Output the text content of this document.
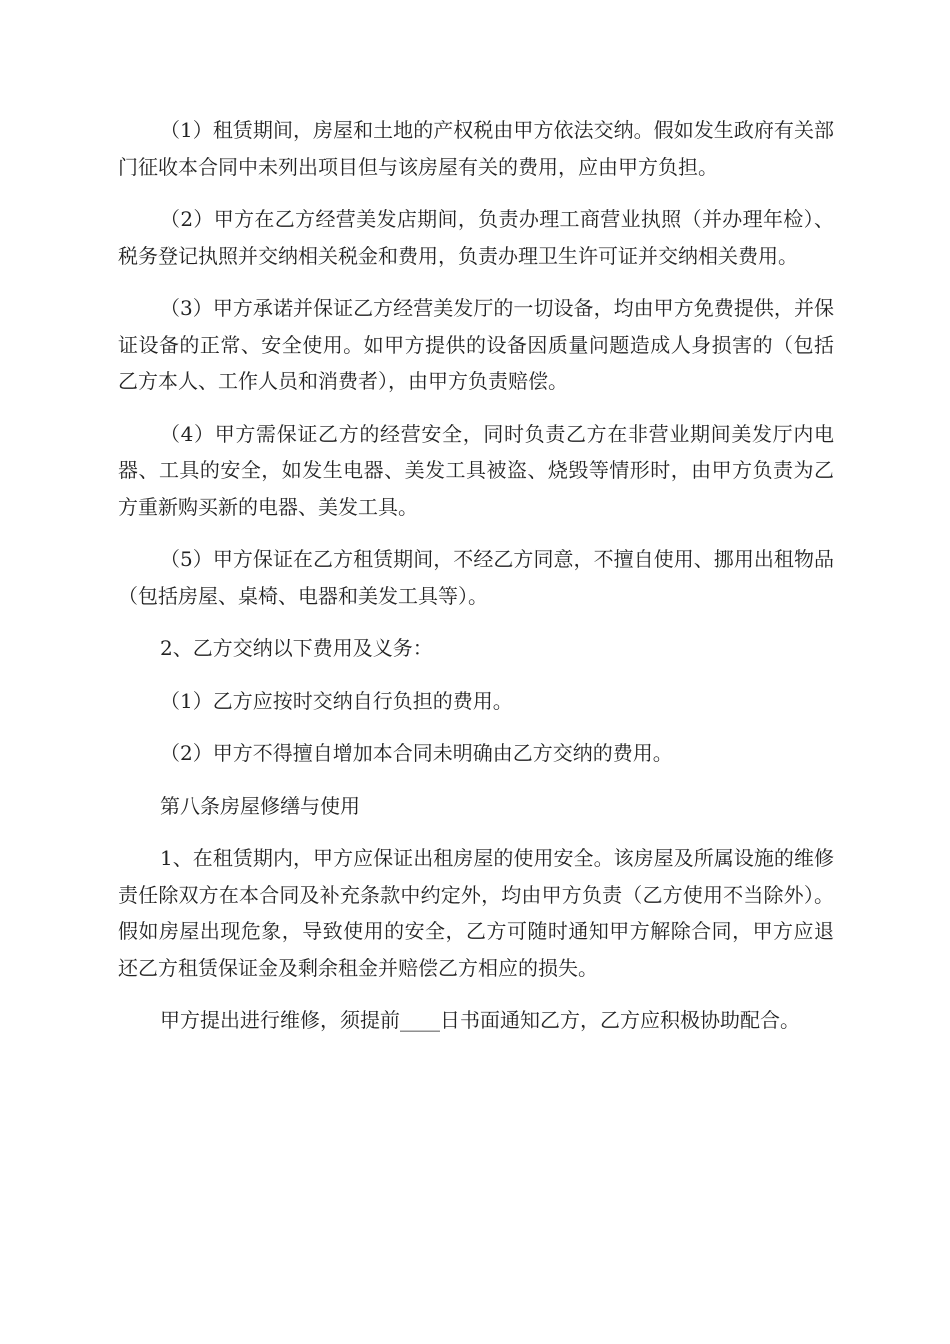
（1）租赁期间，房屋和土地的产权税由甲方依法交纳。假如发生政府有关部门征收本合同中未列出项目但与该房屋有关的费用，应由甲方负担。

（2）甲方在乙方经营美发店期间，负责办理工商营业执照（并办理年检）、税务登记执照并交纳相关税金和费用，负责办理卫生许可证并交纳相关费用。

（3）甲方承诺并保证乙方经营美发厅的一切设备，均由甲方免费提供，并保证设备的正常、安全使用。如甲方提供的设备因质量问题造成人身损害的（包括乙方本人、工作人员和消费者），由甲方负责赔偿。

（4）甲方需保证乙方的经营安全，同时负责乙方在非营业期间美发厅内电器、工具的安全，如发生电器、美发工具被盗、烧毁等情形时，由甲方负责为乙方重新购买新的电器、美发工具。

（5）甲方保证在乙方租赁期间，不经乙方同意，不擅自使用、挪用出租物品（包括房屋、桌椅、电器和美发工具等）。

2、乙方交纳以下费用及义务：

（1）乙方应按时交纳自行负担的费用。

（2）甲方不得擅自增加本合同未明确由乙方交纳的费用。

第八条房屋修缮与使用

1、在租赁期内，甲方应保证出租房屋的使用安全。该房屋及所属设施的维修责任除双方在本合同及补充条款中约定外，均由甲方负责（乙方使用不当除外）。假如房屋出现危象，导致使用的安全，乙方可随时通知甲方解除合同，甲方应退还乙方租赁保证金及剩余租金并赔偿乙方相应的损失。

甲方提出进行维修，须提前____日书面通知乙方，乙方应积极协助配合。
